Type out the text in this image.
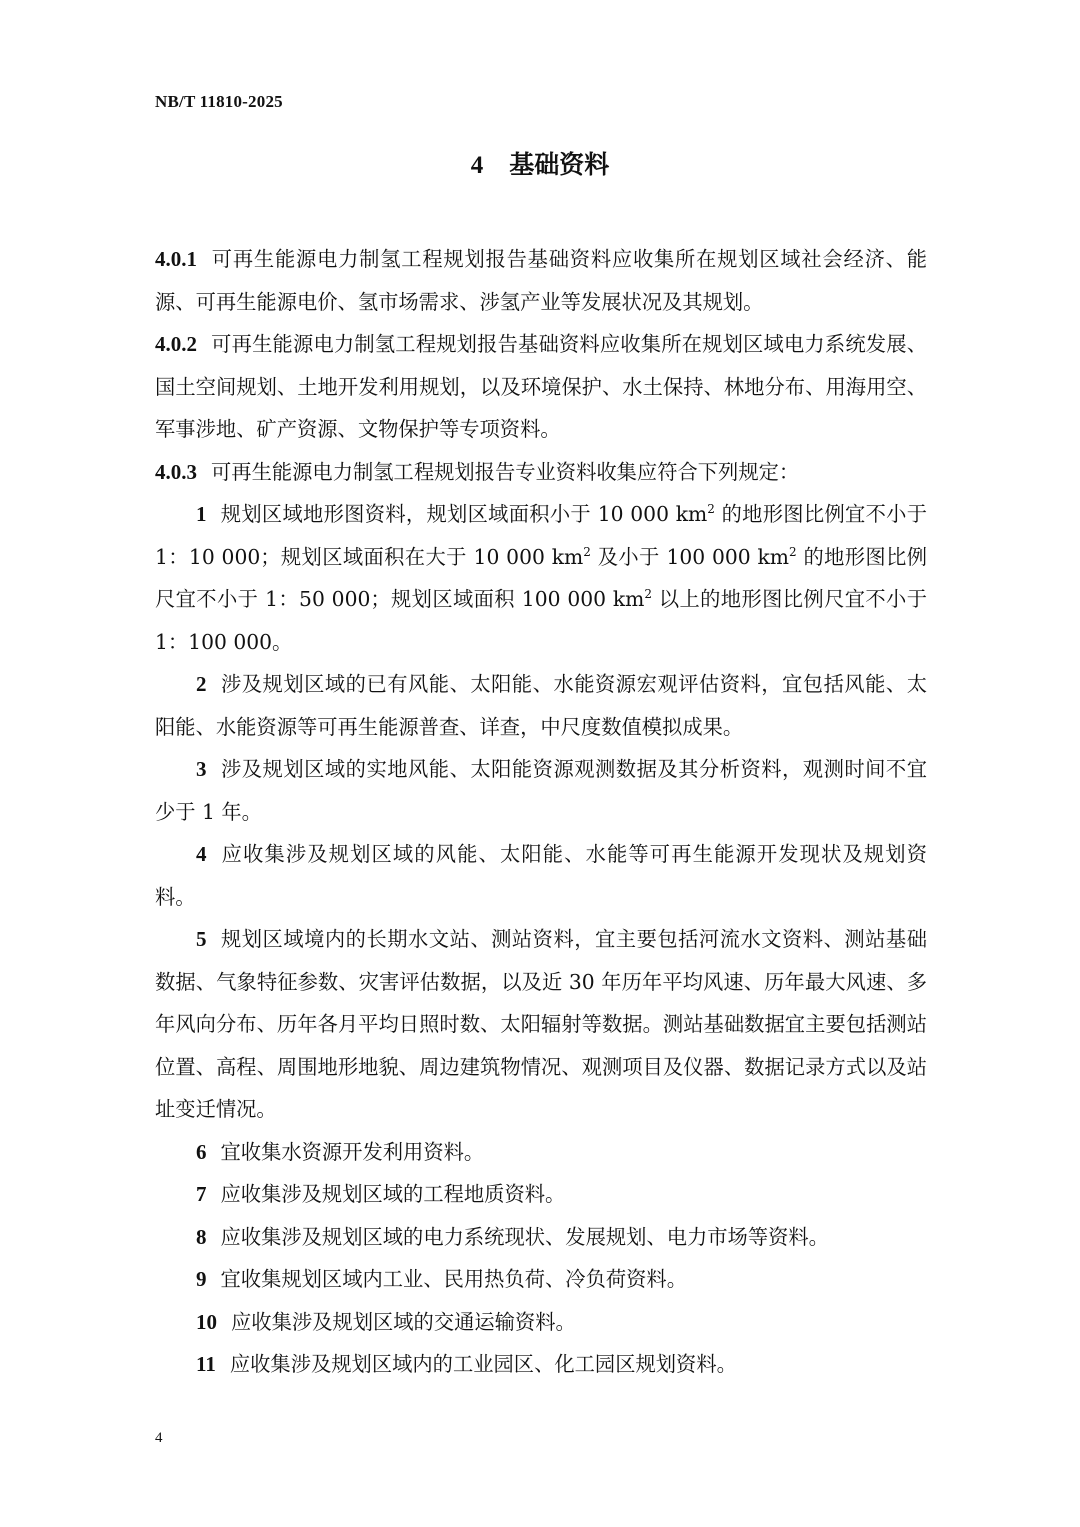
NB/T 11810-2025
4 基础资料

4.0.1 可再生能源电力制氢工程规划报告基础资料应收集所在规划区域社会经济、能源、可再生能源电价、氢市场需求、涉氢产业等发展状况及其规划。

4.0.2 可再生能源电力制氢工程规划报告基础资料应收集所在规划区域电力系统发展、国土空间规划、土地开发利用规划，以及环境保护、水土保持、林地分布、用海用空、军事涉地、矿产资源、文物保护等专项资料。

4.0.3 可再生能源电力制氢工程规划报告专业资料收集应符合下列规定：

1 规划区域地形图资料，规划区域面积小于 10 000 $km^2$ 的地形图比例宜不小于 1：10 000；规划区域面积在大于 10 000 $km^2$ 及小于 100 000 $km^2$ 的地形图比例尺宜不小于 1：50 000；规划区域面积 100 000 $km^2$ 以上的地形图比例尺宜不小于 1：100 000。

2 涉及规划区域的已有风能、太阳能、水能资源宏观评估资料，宜包括风能、太阳能、水能资源等可再生能源普查、详查，中尺度数值模拟成果。

3 涉及规划区域的实地风能、太阳能资源观测数据及其分析资料，观测时间不宜少于 1 年。

4 应收集涉及规划区域的风能、太阳能、水能等可再生能源开发现状及规划资料。

5 规划区域境内的长期水文站、测站资料，宜主要包括河流水文资料、测站基础数据、气象特征参数、灾害评估数据，以及近 30 年历年平均风速、历年最大风速、多年风向分布、历年各月平均日照时数、太阳辐射等数据。测站基础数据宜主要包括测站位置、高程、周围地形地貌、周边建筑物情况、观测项目及仪器、数据记录方式以及站址变迁情况。

6 宜收集水资源开发利用资料。

7 应收集涉及规划区域的工程地质资料。

8 应收集涉及规划区域的电力系统现状、发展规划、电力市场等资料。

9 宜收集规划区域内工业、民用热负荷、冷负荷资料。

10 应收集涉及规划区域的交通运输资料。

11 应收集涉及规划区域内的工业园区、化工园区规划资料。

4
